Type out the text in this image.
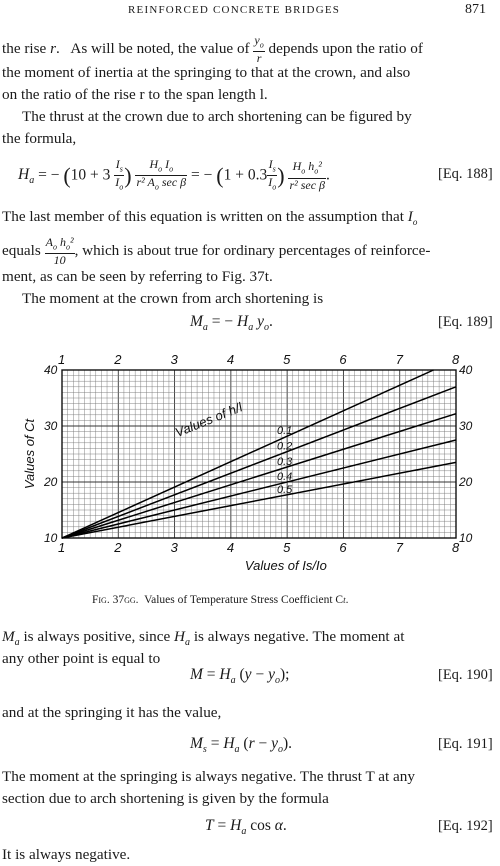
REINFORCED CONCRETE BRIDGES	871
the rise r.   As will be noted, the value of $\frac{y_o}{r}$ depends upon the ratio of
the moment of inertia at the springing to that at the crown, and also
on the ratio of the rise r to the span length l.
The thrust at the crown due to arch shortening can be figured by
the formula,
$H_a$ = − ($10 + 3 \frac{I_s}{I_o}$ ) $\frac{H_o I_o}{r^2 A_o \sec \beta}$ = − ($1 + 0.3 \frac{I_s}{I_o}$ ) $\frac{H_o h_o^2}{\text{r² sec β}}$ .	[Eq. 188]
The last member of this equation is written on the assumption that $I_o$
equals $\frac{A_o h_o^2}{10}$ , which is about true for ordinary percentages of reinforce-
ment, as can be seen by referring to Fig. 37t.
The moment at the crown from arch shortening is
$M_a$ = − $H_a$ $y_o$.	[Eq. 189]
0.1
0.2
0.3
0.4
0.5
Values of h/l
1
1
2
2
3
3
4
4
5
5
6
6
7
7
8
8
10	10
20	20
30	30
40	40
Values of Is/Io
Values of Ct
Fig. 37gg. Values of Temperature Stress Coefficient Ct.
$M_a$ is always positive, since $H_a$ is always negative. The moment at
any other point is equal to
$M = H_a$ $(y - y_o)$;	[Eq. 190]
and at the springing it has the value,
$M_s = H_a$ $(r - y_o)$.	[Eq. 191]
The moment at the springing is always negative. The thrust T at any
section due to arch shortening is given by the formula
$T = H_a$ cos α.	[Eq. 192]
It is always negative.
